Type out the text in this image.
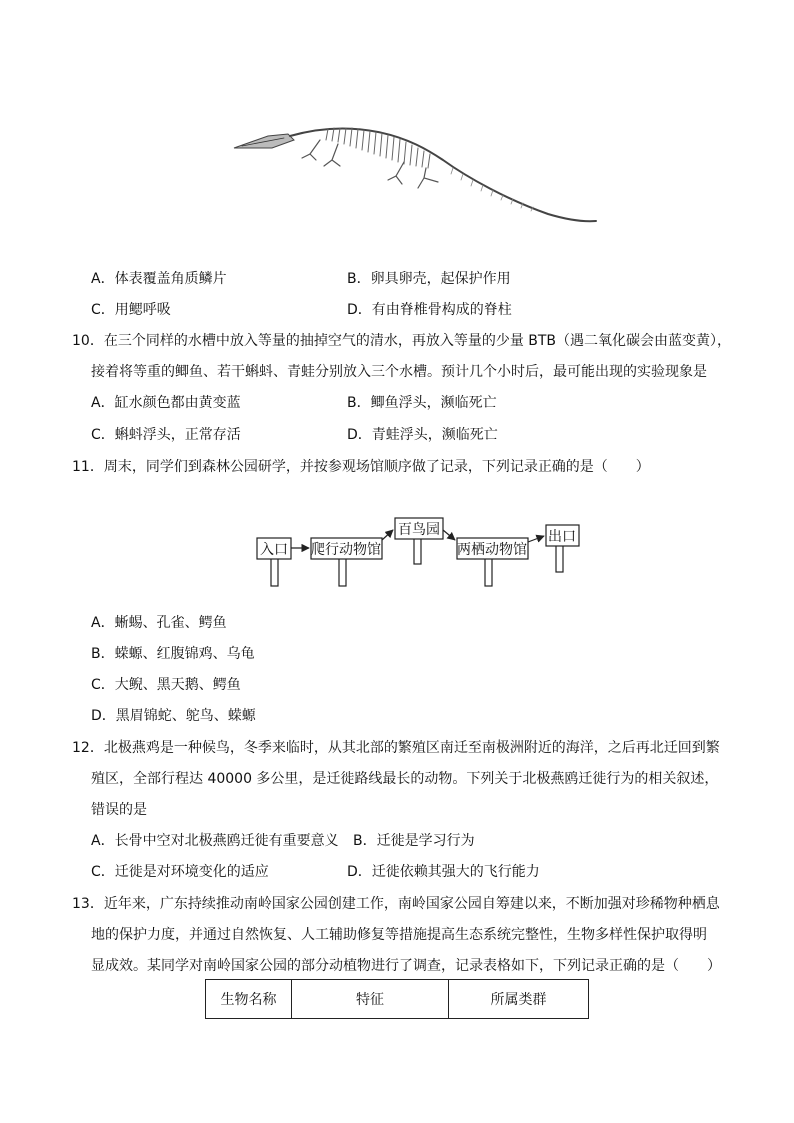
A．体表覆盖角质鳞片	B．卵具卵壳，起保护作用
C．用鳃呼吸	D．有由脊椎骨构成的脊柱
10．在三个同样的水槽中放入等量的抽掉空气的清水，再放入等量的少量 BTB（遇二氧化碳会由蓝变黄），
接着将等重的鲫鱼、若干蝌蚪、青蛙分别放入三个水槽。预计几个小时后，最可能出现的实验现象是
A．缸水颜色都由黄变蓝	B．鲫鱼浮头，濒临死亡
C．蝌蚪浮头，正常存活	D．青蛙浮头，濒临死亡
11．周末，同学们到森林公园研学，并按参观场馆顺序做了记录，下列记录正确的是（　　）
入口 爬行动物馆
百鸟园
两栖动物馆
出口
A．蜥蜴、孔雀、鳄鱼
B．蝾螈、红腹锦鸡、乌龟
C．大鲵、黑天鹅、鳄鱼
D．黑眉锦蛇、鸵鸟、蝾螈
12．北极燕鸡是一种候鸟，冬季来临时，从其北部的繁殖区南迁至南极洲附近的海洋，之后再北迁回到繁
殖区，全部行程达 40000 多公里，是迁徙路线最长的动物。下列关于北极燕鸥迁徙行为的相关叙述，
错误的是
A．长骨中空对北极燕鸥迁徙有重要意义 B．迁徙是学习行为
C．迁徙是对环境变化的适应	D．迁徙依赖其强大的飞行能力
13．近年来，广东持续推动南岭国家公园创建工作，南岭国家公园自筹建以来，不断加强对珍稀物种栖息
地的保护力度，并通过自然恢复、人工辅助修复等措施提高生态系统完整性，生物多样性保护取得明
显成效。某同学对南岭国家公园的部分动植物进行了调查，记录表格如下，下列记录正确的是（　　）
生物名称	特征	所属类群
